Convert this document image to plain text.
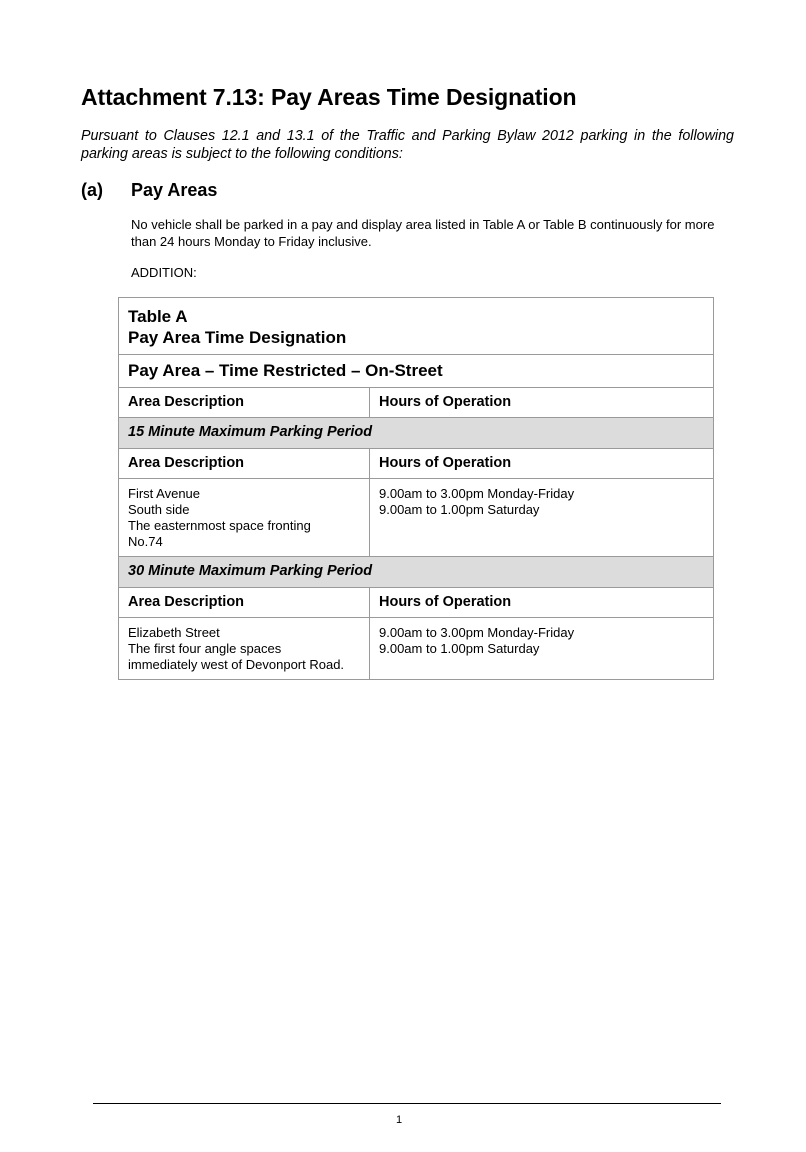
Attachment 7.13: Pay Areas Time Designation

Pursuant to Clauses 12.1 and 13.1 of the Traffic and Parking Bylaw 2012 parking in the following parking areas is subject to the following conditions:

(a) Pay Areas

No vehicle shall be parked in a pay and display area listed in Table A or Table B continuously for more than 24 hours Monday to Friday inclusive.

ADDITION:
Table A
Pay Area Time Designation	

Pay Area – Time Restricted – On-Street	
Area Description	Hours of Operation
15 Minute Maximum Parking Period	
Area Description	Hours of Operation

First Avenue
South side
The easternmost space fronting
No.74	9.00am to 3.00pm Monday-Friday
9.00am to 1.00pm Saturday

30 Minute Maximum Parking Period	
Area Description	Hours of Operation

Elizabeth Street
The first four angle spaces
immediately west of Devonport Road.	9.00am to 3.00pm Monday-Friday
9.00am to 1.00pm Saturday
1
